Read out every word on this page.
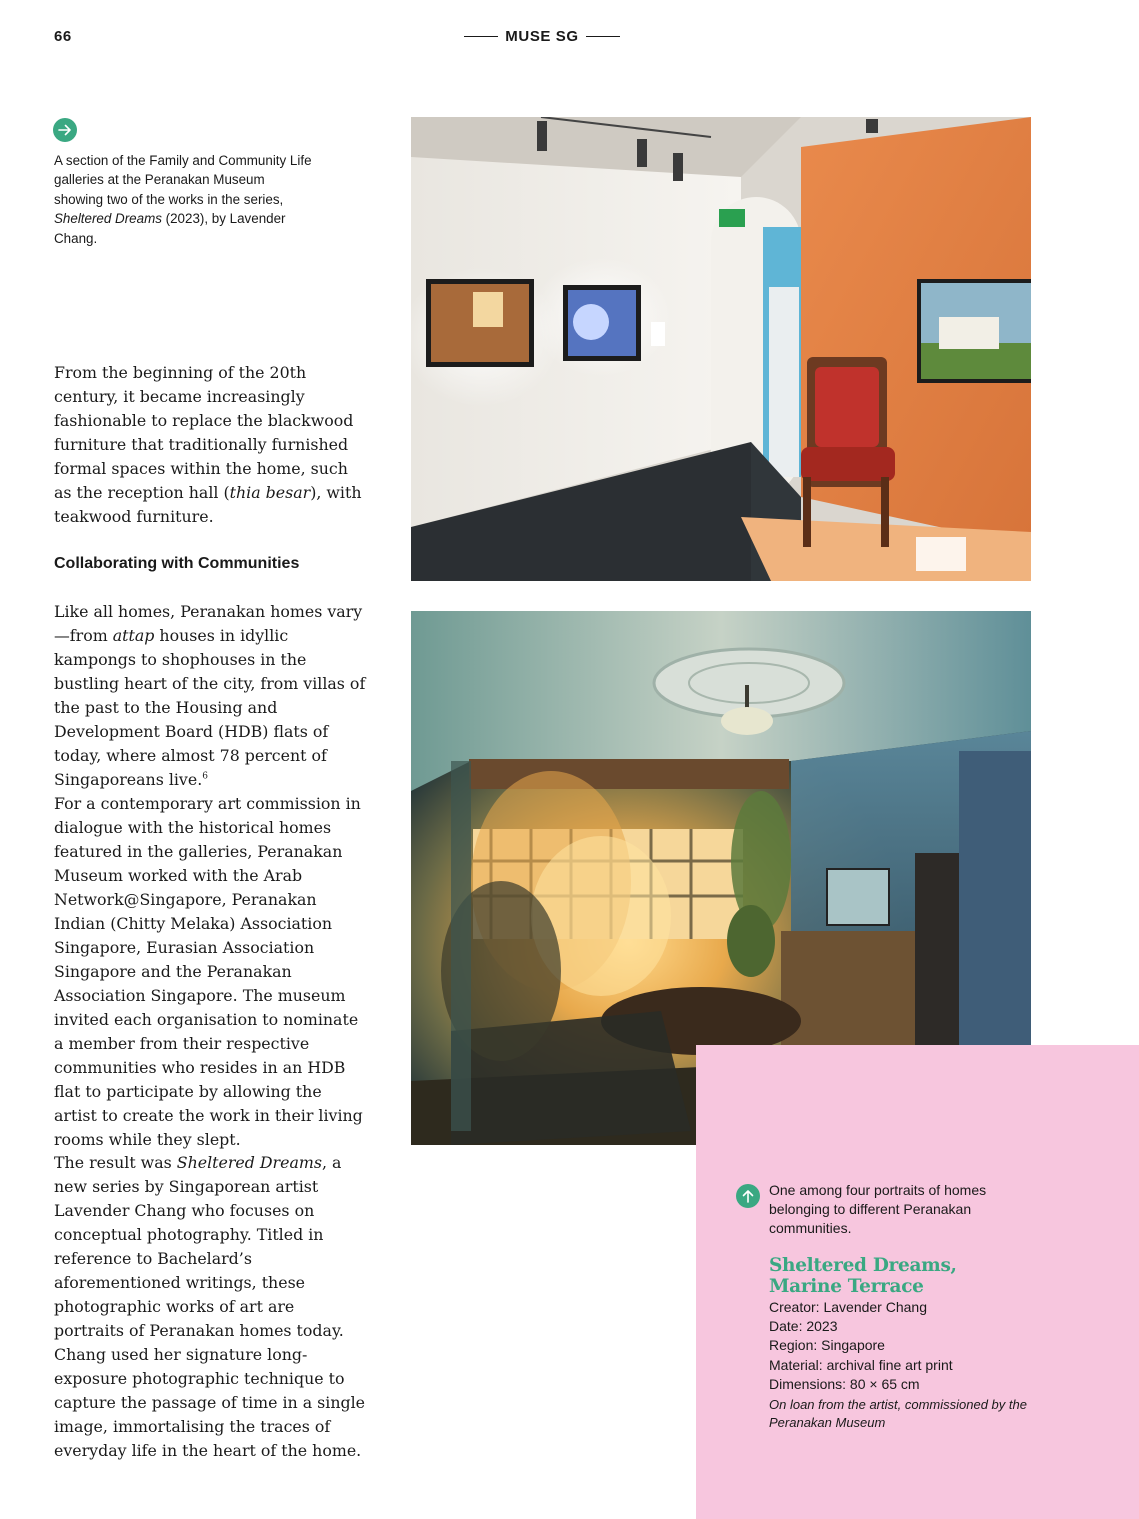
66	MUSE SG
A section of the Family and Community Life galleries at the Peranakan Museum showing two of the works in the series, Sheltered Dreams (2023), by Lavender Chang.
From the beginning of the 20th century, it became increasingly fashionable to replace the blackwood furniture that traditionally furnished formal spaces within the home, such as the reception hall (thia besar), with teakwood furniture.
Collaborating with Communities
Like all homes, Peranakan homes vary—from attap houses in idyllic kampongs to shophouses in the bustling heart of the city, from villas of the past to the Housing and Development Board (HDB) flats of today, where almost 78 percent of Singaporeans live.$^6$
For a contemporary art commission in dialogue with the historical homes featured in the galleries, Peranakan Museum worked with the Arab Network@Singapore, Peranakan Indian (Chitty Melaka) Association Singapore, Eurasian Association Singapore and the Peranakan Association Singapore. The museum invited each organisation to nominate a member from their respective communities who resides in an HDB flat to participate by allowing the artist to create the work in their living rooms while they slept.
The result was Sheltered Dreams, a new series by Singaporean artist Lavender Chang who focuses on conceptual photography. Titled in reference to Bachelard’s aforementioned writings, these photographic works of art are portraits of Peranakan homes today. Chang used her signature long-exposure photographic technique to capture the passage of time in a single image, immortalising the traces of everyday life in the heart of the home.
One among four portraits of homes belonging to different Peranakan communities.
Sheltered Dreams,
Marine Terrace
Creator: Lavender Chang
Date: 2023
Region: Singapore
Material: archival fine art print
Dimensions: 80 × 65 cm
On loan from the artist, commissioned by the Peranakan Museum
